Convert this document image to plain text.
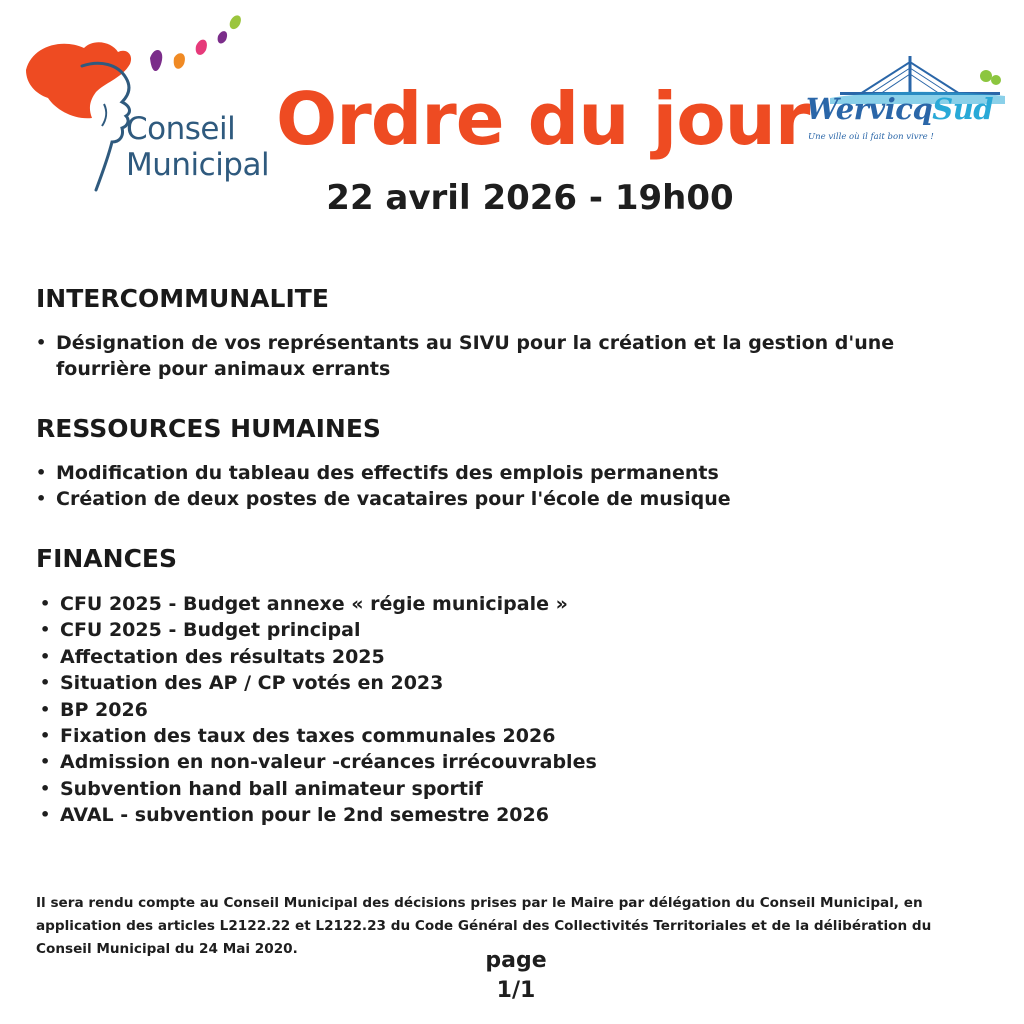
Conseil
Municipal
Ordre du jour
22 avril 2026 - 19h00
WervicqSud
Une ville où il fait bon vivre !
INTERCOMMUNALITE
• Désignation de vos représentants au SIVU pour la création et la gestion d'une fourrière pour animaux errants
RESSOURCES HUMAINES
• Modification du tableau des effectifs des emplois permanents
• Création de deux postes de vacataires pour l'école de musique
FINANCES
• CFU 2025 - Budget annexe « régie municipale »
• CFU 2025 - Budget principal
• Affectation des résultats 2025
• Situation des AP / CP votés en 2023
• BP 2026
• Fixation des taux des taxes communales 2026
• Admission en non-valeur -créances irrécouvrables
• Subvention hand ball animateur sportif
• AVAL - subvention pour le 2nd semestre 2026
Il sera rendu compte au Conseil Municipal des décisions prises par le Maire par délégation du Conseil Municipal, en application des articles L2122.22 et L2122.23 du Code Général des Collectivités Territoriales et de la délibération du Conseil Municipal du 24 Mai 2020.	page
1/1
